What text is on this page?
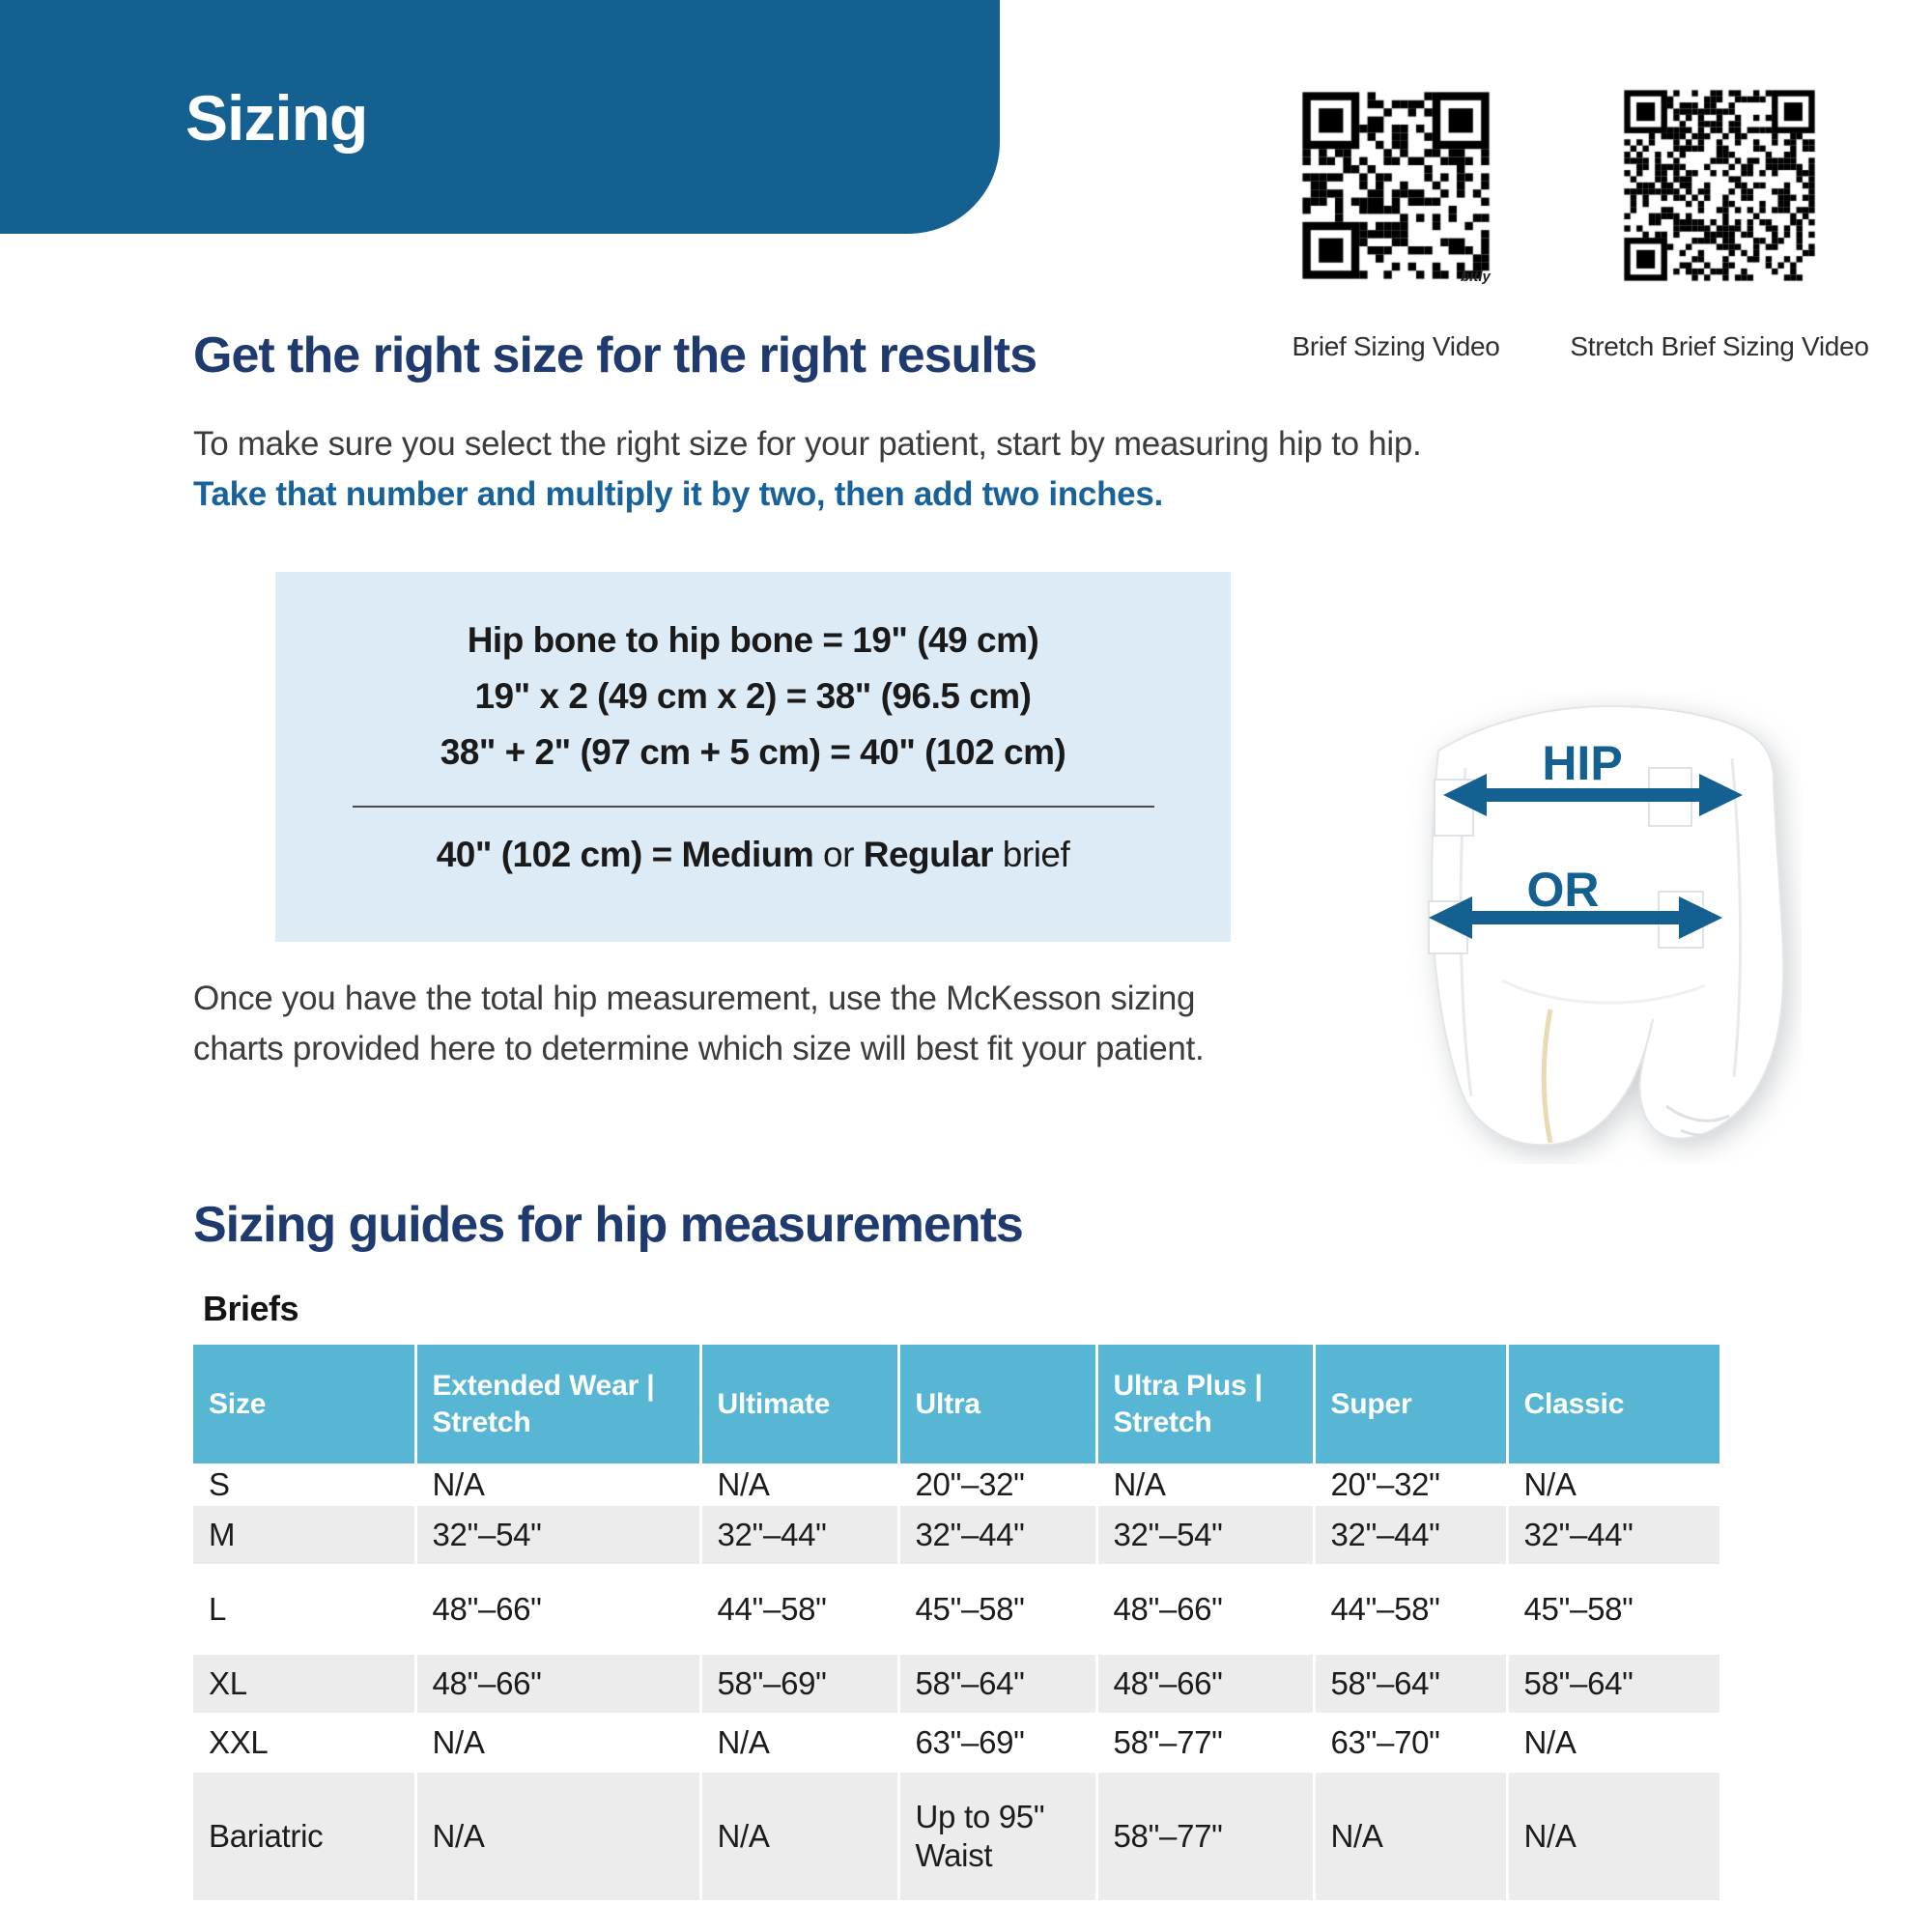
Sizing
bitly
Brief Sizing Video	Stretch Brief Sizing Video
Get the right size for the right results

To make sure you select the right size for your patient, start by measuring hip to hip. Take that number and multiply it by two, then add two inches.

Hip bone to hip bone = 19" (49 cm)

19" x 2 (49 cm x 2) = 38" (96.5 cm)

38" + 2" (97 cm + 5 cm) = 40" (102 cm)

40" (102 cm) = Medium or Regular brief

HIP
OR

Once you have the total hip measurement, use the McKesson sizing charts provided here to determine which size will best fit your patient.

Sizing guides for hip measurements
Briefs
Size	Extended Wear | Stretch	Ultimate	Ultra	Ultra Plus | Stretch	Super	Classic
S	N/A	N/A	20"–32"	N/A	20"–32"	N/A
M	32"–54"	32"–44"	32"–44"	32"–54"	32"–44"	32"–44"
L	48"–66"	44"–58"	45"–58"	48"–66"	44"–58"	45"–58"
XL	48"–66"	58"–69"	58"–64"	48"–66"	58"–64"	58"–64"
XXL	N/A	N/A	63"–69"	58"–77"	63"–70"	N/A
Bariatric	N/A	N/A	Up to 95" Waist	58"–77"	N/A	N/A
